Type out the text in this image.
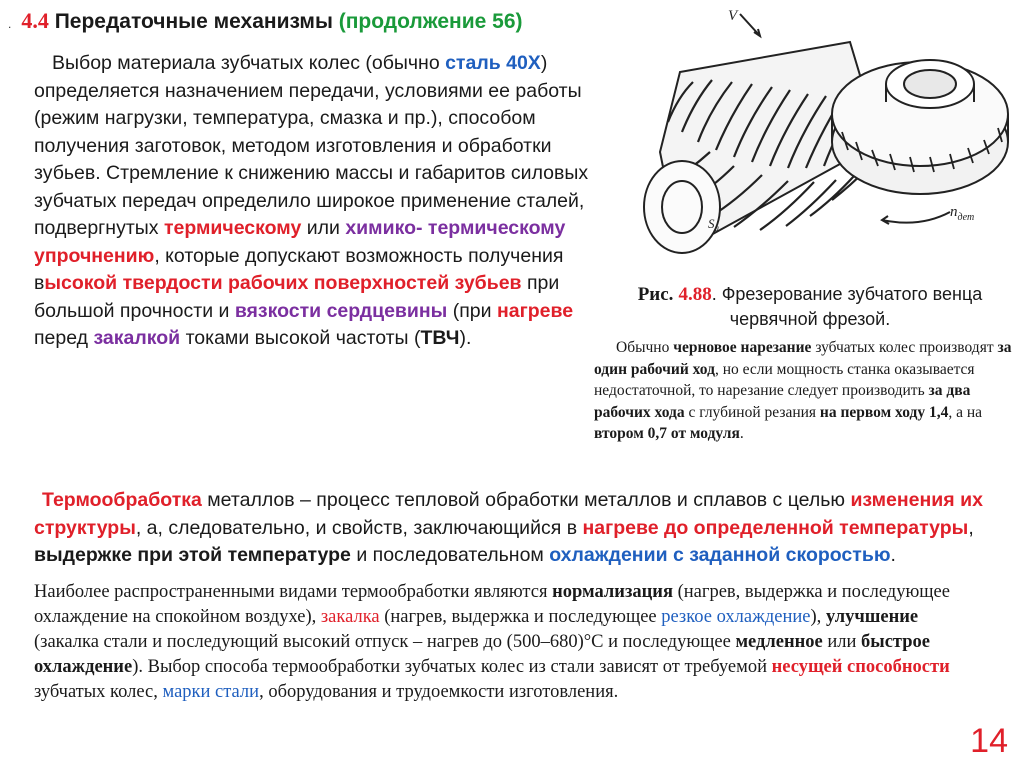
. 4.4 Передаточные механизмы (продолжение 56)
Выбор материала зубчатых колес (обычно сталь 40Х) определяется назначением передачи, условиями ее работы (режим нагрузки, температура, смазка и пр.), способом получения заготовок, методом изготовления и обработки зубьев. Стремление к снижению массы и габаритов силовых зубчатых передач определило широкое применение сталей, подвергнутых термическому или химико- термическому упрочнению, которые допускают возможность получения высокой твердости рабочих поверхностей зубьев при большой прочности и вязкости сердцевины (при нагреве перед закалкой токами высокой частоты (ТВЧ).
V
$n_{дет}$
$S_a$
Рис. 4.88. Фрезерование зубчатого венца червячной фрезой.
Обычно черновое нарезание зубчатых колес производят за один рабочий ход, но если мощность станка оказывается недостаточной, то нарезание следует производить за два рабочих хода с глубиной резания на первом ходу 1,4, а на втором 0,7 от модуля.
Термообработка металлов – процесс тепловой обработки металлов и сплавов с целью изменения их структуры, а, следовательно, и свойств, заключающийся в нагреве до определенной температуры, выдержке при этой температуре и последовательном охлаждении с заданной скоростью.
Наиболее распространенными видами термообработки являются нормализация (нагрев, выдержка и последующее охлаждение на спокойном воздухе), закалка (нагрев, выдержка и последующее резкое охлаждение), улучшение (закалка стали и последующий высокий отпуск – нагрев до (500–680)°С и последующее медленное или быстрое охлаждение). Выбор способа термообработки зубчатых колес из стали зависят от требуемой несущей способности зубчатых колес, марки стали, оборудования и трудоемкости изготовления.
14
